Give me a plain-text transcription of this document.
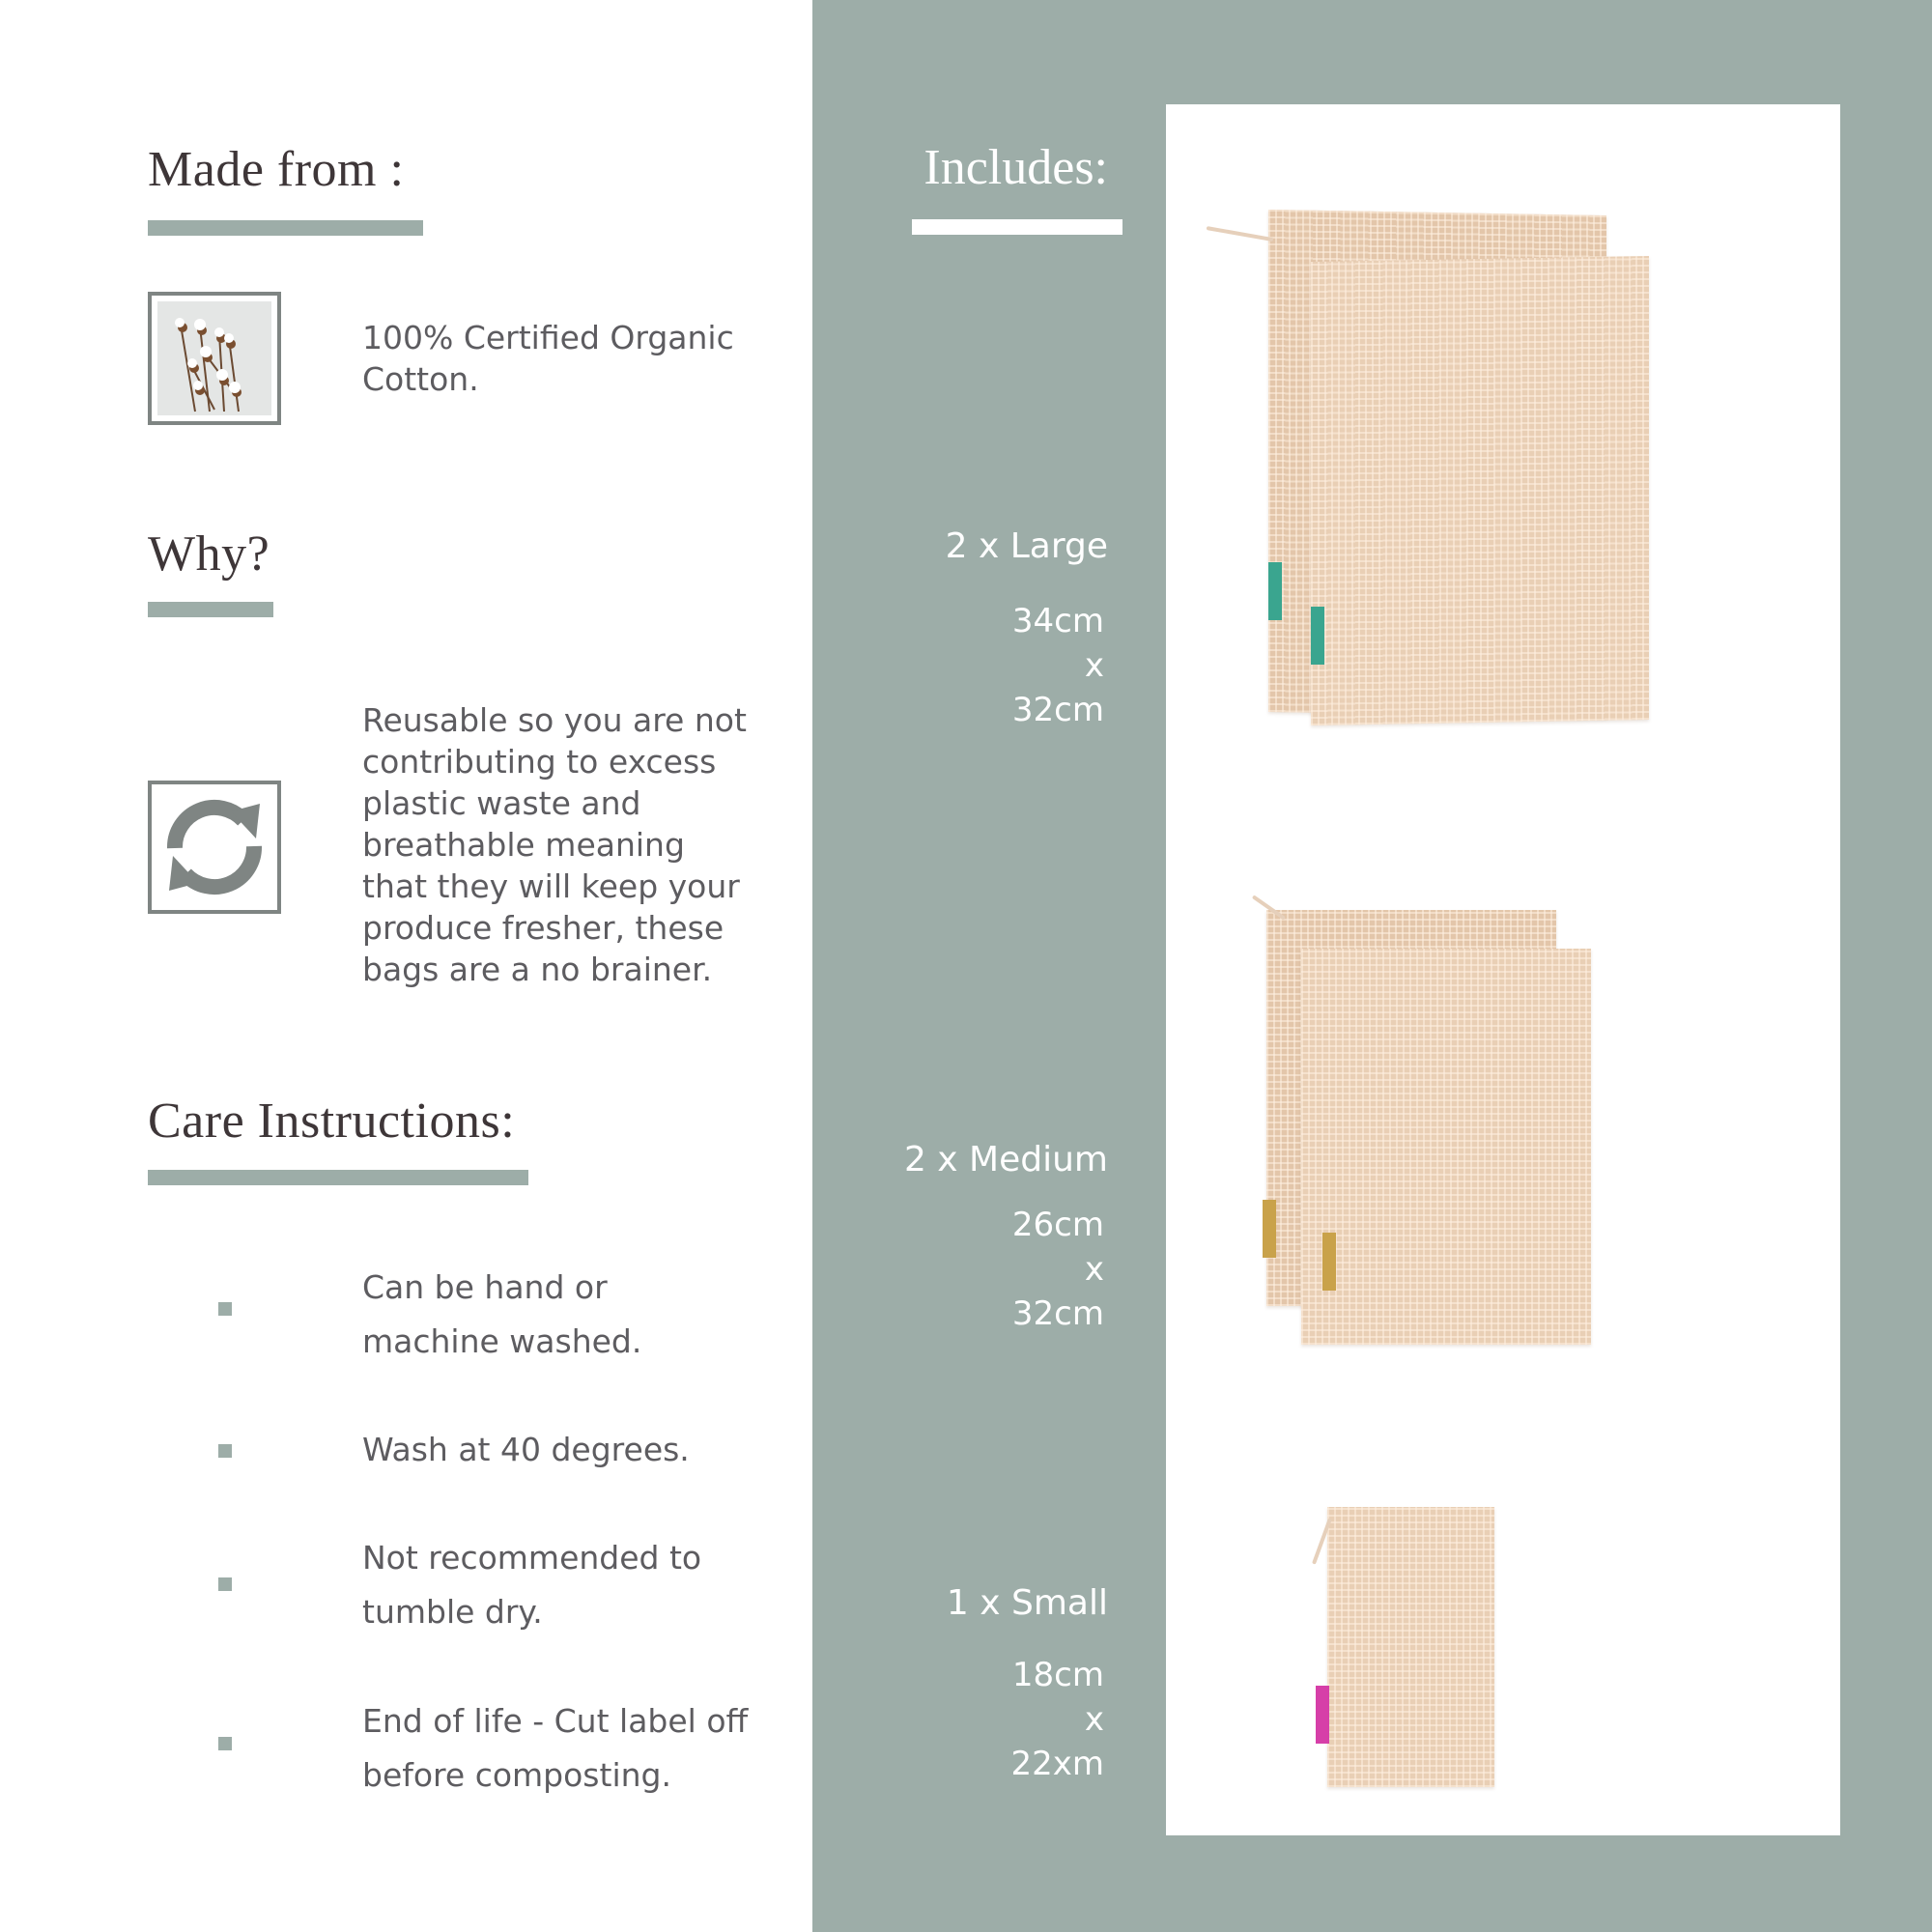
Made from :
100% Certified Organic
Cotton.
Why?
Reusable so you are not
contributing to excess
plastic waste and
breathable meaning
that they will keep your
produce fresher, these
bags are a no brainer.
Care Instructions:
Can be hand or
machine washed.
Wash at 40 degrees.
Not recommended to
tumble dry.
End of life - Cut label off
before composting.
Includes:
2 x Large
34cm
x
32cm
2 x Medium
26cm
x
32cm
1 x Small
18cm
x
22xm
